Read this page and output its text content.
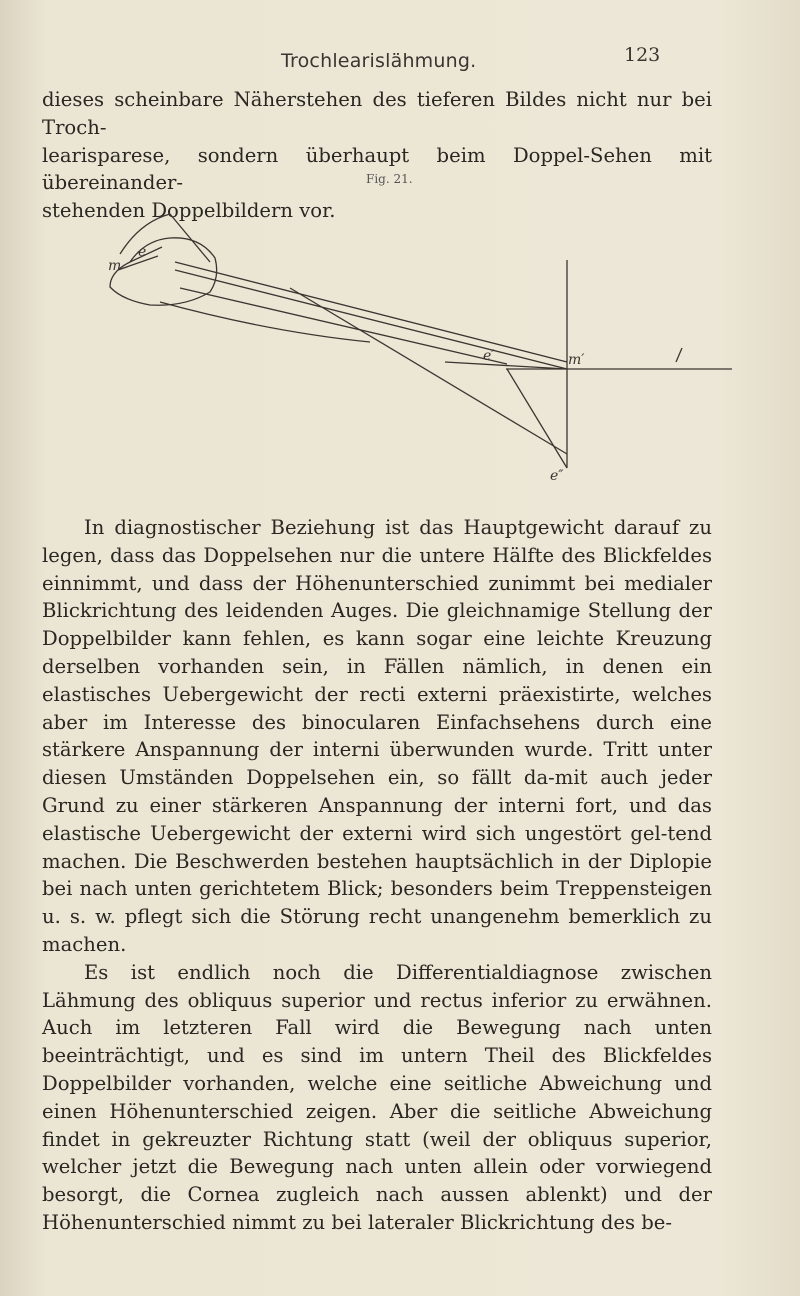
Trochlearislähmung.	123

dieses scheinbare Näherstehen des tieferen Bildes nicht nur bei Troch-

learisparese, sondern überhaupt beim Doppel-Sehen mit übereinander-

stehenden Doppelbildern vor.

Fig. 21.
e
m
e′	m′
e″

In diagnostischer Beziehung ist das Hauptgewicht darauf zu legen, dass das Doppelsehen nur die untere Hälfte des Blickfeldes einnimmt, und dass der Höhenunterschied zunimmt bei medialer Blickrichtung des leidenden Auges. Die gleichnamige Stellung der Doppelbilder kann fehlen, es kann sogar eine leichte Kreuzung derselben vorhanden sein, in Fällen nämlich, in denen ein elastisches Uebergewicht der recti externi präexistirte, welches aber im Interesse des binocularen Einfachsehens durch eine stärkere Anspannung der interni überwunden wurde. Tritt unter diesen Umständen Doppelsehen ein, so fällt da-mit auch jeder Grund zu einer stärkeren Anspannung der interni fort, und das elastische Uebergewicht der externi wird sich ungestört gel-tend machen. Die Beschwerden bestehen hauptsächlich in der Diplopie bei nach unten gerichtetem Blick; besonders beim Treppensteigen u. s. w. pflegt sich die Störung recht unangenehm bemerklich zu machen.

Es ist endlich noch die Differentialdiagnose zwischen Lähmung des obliquus superior und rectus inferior zu erwähnen. Auch im letzteren Fall wird die Bewegung nach unten beeinträchtigt, und es sind im untern Theil des Blickfeldes Doppelbilder vorhanden, welche eine seitliche Abweichung und einen Höhenunterschied zeigen. Aber die seitliche Abweichung findet in gekreuzter Richtung statt (weil der obliquus superior, welcher jetzt die Bewegung nach unten allein oder vorwiegend besorgt, die Cornea zugleich nach aussen ablenkt) und der Höhenunterschied nimmt zu bei lateraler Blickrichtung des be-
